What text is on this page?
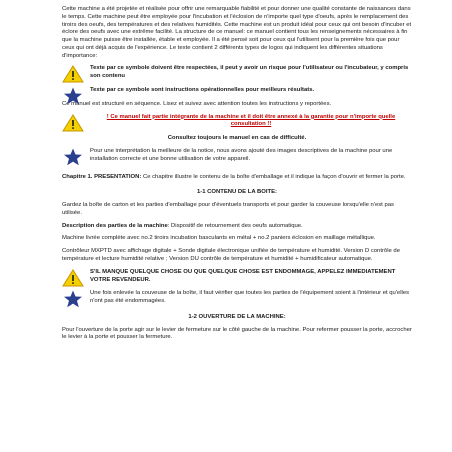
Cette machine a été projetée et réalisée pour offrir une remarquable fiabilité et pour donner une qualité constante de naissances dans le temps. Cette machine peut être employée pour l'incubation et l'éclosion de n'importe quel type d'oeufs, après le remplacement des tiroirs des oeufs, des températures et des relatives humidités. Cette machine est un produit idéal pour ceux qui ont besoin d'incuber et éclore des oeufs avec une extrême facilité. La structure de ce manuel: ce manuel contient tous les renseignements nécessaires à fin que la machine puisse être installée, étable et employée. Il a été pensé soit pour ceux qui l'utilisent pour la première fois que pour ceux qui ont déjà acquis de l'expérience. Le texte contient 2 différents types de logos qui indiquent les différentes situations d'importance:

Texte par ce symbole doivent être respectées, il peut y avoir un risque pour l'utilisateur ou l'incubateur, y compris son contenu

Texte par ce symbole sont instructions opérationnelles pour meilleurs résultats.

Ce manuel est structuré en séquence. Lisez et suivez avec attention toutes les instructions y reportées.

! Ce manuel fait partie intégrante de la machine et il doit être annexé à la garantie pour n'importe quelle consultation !!

Consultez toujours le manuel en cas de difficulté.

Pour une interprétation la meilleure de la notice, nous avons ajouté des images descriptives de la machine pour une installation correcte et une bonne utilisation de votre appareil.

Chapitre 1. PRESENTATION: Ce chapitre illustre le contenu de la boîte d'emballage et il indique la façon d'ouvrir et fermer la porte.

1-1 CONTENU DE LA BOITE:

Gardez la boîte de carton et les parties d'emballage pour d'éventuels transports et pour garder la couveuse lorsqu'elle n'est pas utilisée.

Description des parties de la machine: Dispositif de retournement des oeufs automatique.

Machine livrée complète avec no.2 tiroirs incubation basculants en métal + no.2 paniers éclosion en maillage métallique.

Contrôleur MXPTD avec affichage digitale + Sonde digitale électronique unifiée de température et humidité. Version D contrôle de température et lecture humidité relative ; Version DU contrôle de température et humidité + humidificateur automatique.

S'IL MANQUE QUELQUE CHOSE OU QUE QUELQUE CHOSE EST ENDOMMAGE, APPELEZ IMMEDIATEMENT VOTRE REVENDEUR.

Une fois enlevée la couveuse de la boîte, il faut vérifier que toutes les parties de l'équipement soient à l'intérieur et qu'elles n'ont pas été endommagées.

1-2 OUVERTURE DE LA MACHINE:

Pour l'ouverture de la porte agir sur le levier de fermeture sur le côté gauche de la machine. Pour refermer pousser la porte, accrocher le levier à la porte et pousser la fermeture.
